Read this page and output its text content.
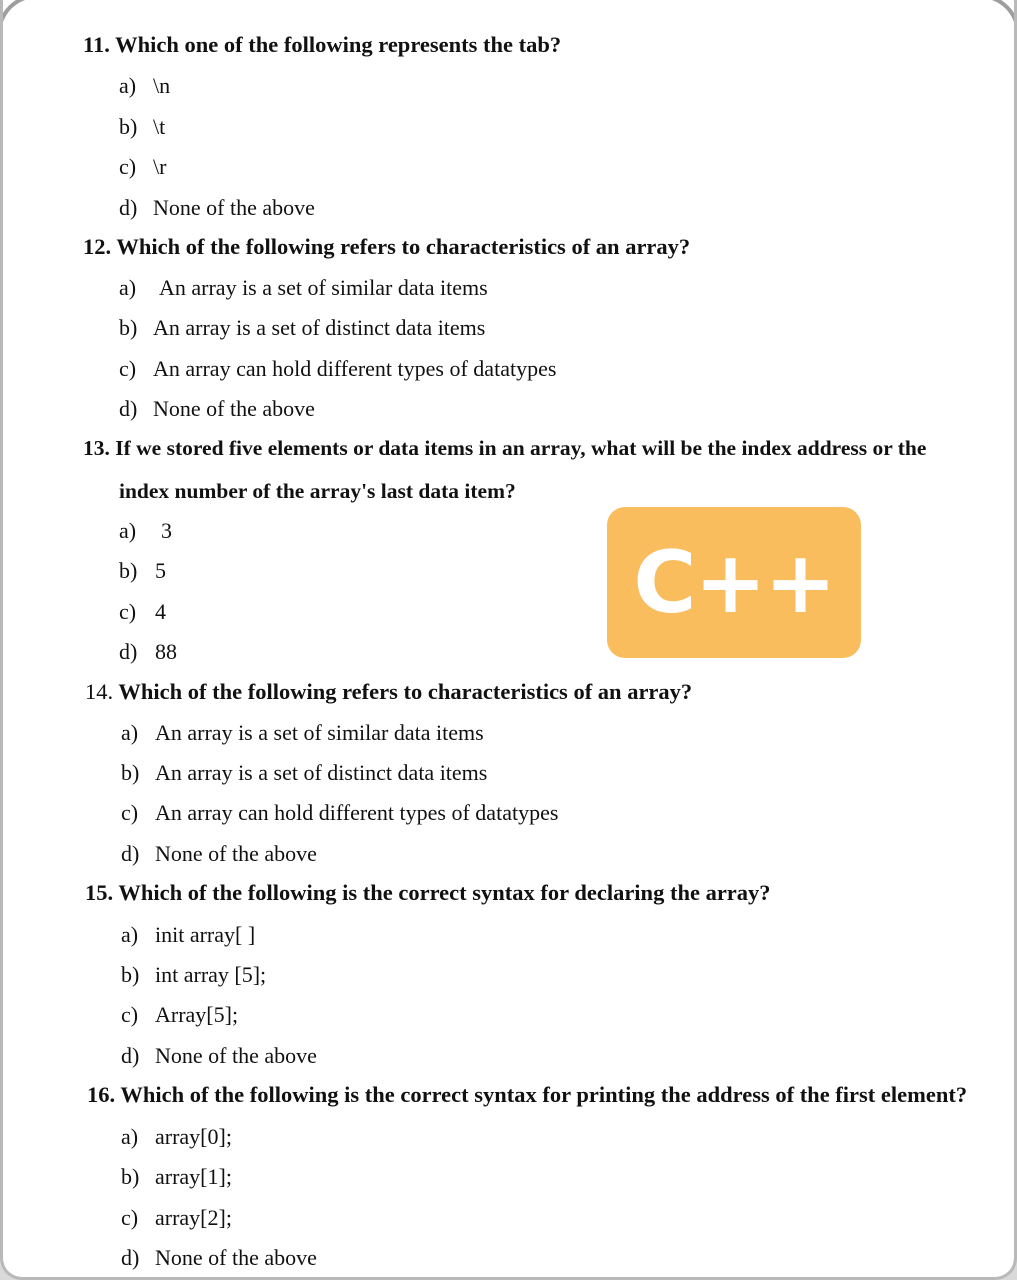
11. Which one of the following represents the tab?
a) \n
b) \t
c) \r
d) None of the above
12. Which of the following refers to characteristics of an array?
a) An array is a set of similar data items
b) An array is a set of distinct data items
c) An array can hold different types of datatypes
d) None of the above
13. If we stored five elements or data items in an array, what will be the index address or the
index number of the array's last data item?
a) 3
b) 5
c) 4
d) 88
C++
14. Which of the following refers to characteristics of an array?
a) An array is a set of similar data items
b) An array is a set of distinct data items
c) An array can hold different types of datatypes
d) None of the above
15. Which of the following is the correct syntax for declaring the array?
a) init array[ ]
b) int array [5];
c) Array[5];
d) None of the above
16. Which of the following is the correct syntax for printing the address of the first element?
a) array[0];
b) array[1];
c) array[2];
d) None of the above
